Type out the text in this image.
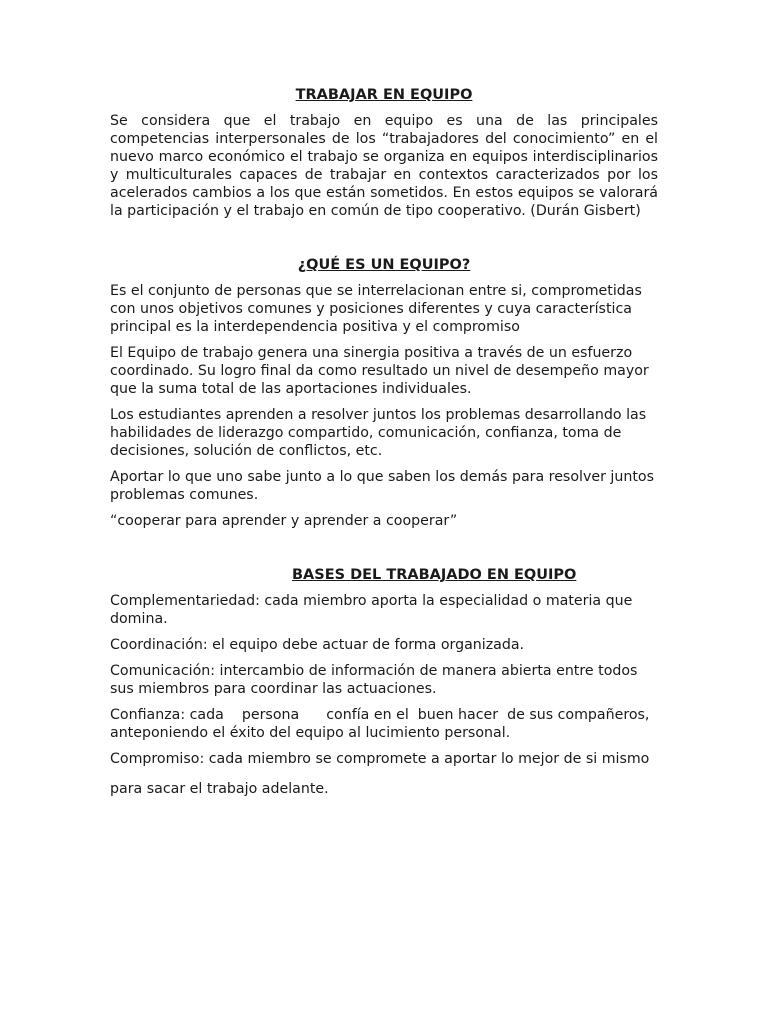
TRABAJAR EN EQUIPO

Se considera que el trabajo en equipo es una de las principales competencias interpersonales de los “trabajadores del conocimiento” en el nuevo marco económico el trabajo se organiza en equipos interdisciplinarios y multiculturales capaces de trabajar en contextos caracterizados por los acelerados cambios a los que están sometidos. En estos equipos se valorará la participación y el trabajo en común de tipo cooperativo. (Durán Gisbert)

¿QUÉ ES UN EQUIPO?

Es el conjunto de personas que se interrelacionan entre si, comprometidas con unos objetivos comunes y posiciones diferentes y cuya característica principal es la interdependencia positiva y el compromiso

El Equipo de trabajo genera una sinergia positiva a través de un esfuerzo coordinado. Su logro final da como resultado un nivel de desempeño mayor que la suma total de las aportaciones individuales.

Los estudiantes aprenden a resolver juntos los problemas desarrollando las habilidades de liderazgo compartido, comunicación, confianza, toma de decisiones, solución de conflictos, etc.

Aportar lo que uno sabe junto a lo que saben los demás para resolver juntos problemas comunes.

“cooperar para aprender y aprender a cooperar”

BASES DEL TRABAJADO EN EQUIPO

Complementariedad: cada miembro aporta la especialidad o materia que domina.

Coordinación: el equipo debe actuar de forma organizada.

Comunicación: intercambio de información de manera abierta entre todos sus miembros para coordinar las actuaciones.

Confianza: cada    persona      confía en el  buen hacer  de sus compañeros, anteponiendo el éxito del equipo al lucimiento personal.

Compromiso: cada miembro se compromete a aportar lo mejor de si mismo

para sacar el trabajo adelante.
